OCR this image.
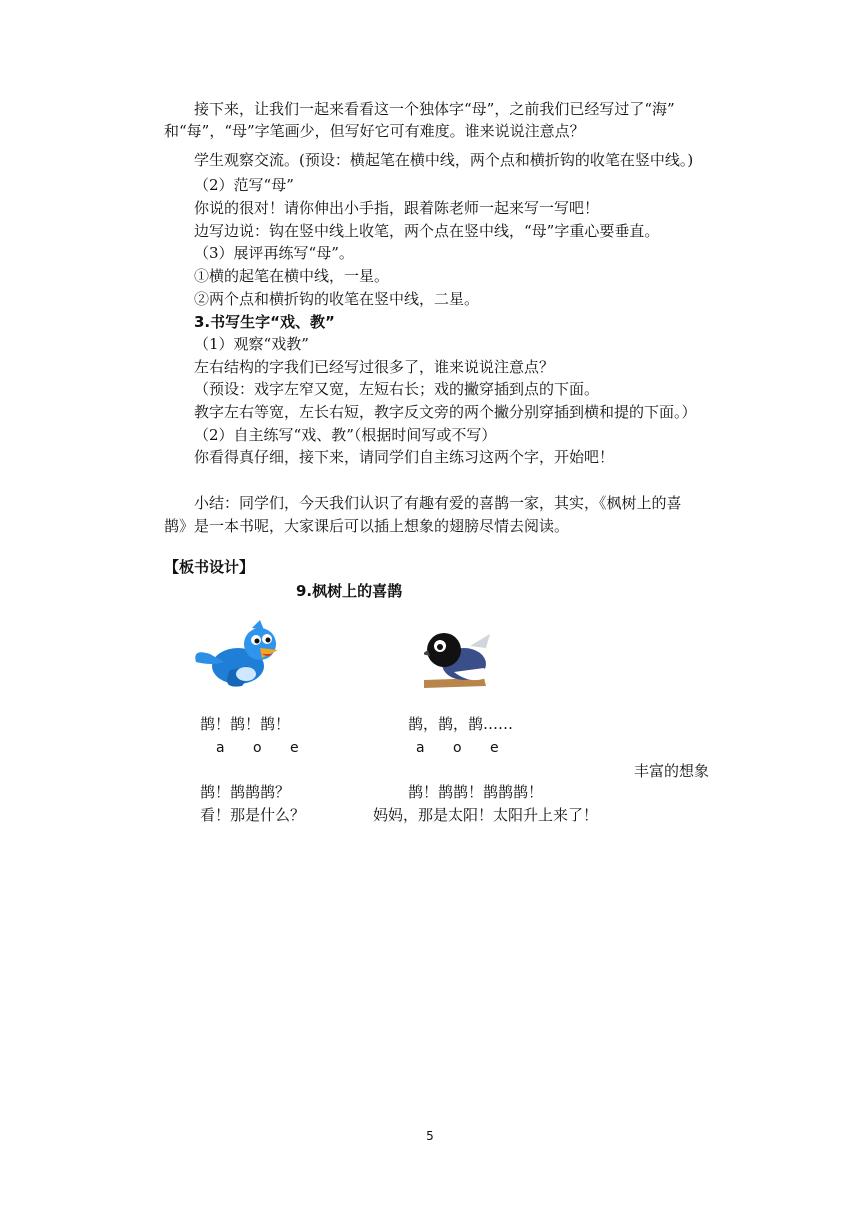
接下来，让我们一起来看看这一个独体字“母”，之前我们已经写过了“海”
和“每”，“母”字笔画少，但写好它可有难度。谁来说说注意点？
学生观察交流。(预设：横起笔在横中线，两个点和横折钩的收笔在竖中线。)
（2）范写“母”
你说的很对！请你伸出小手指，跟着陈老师一起来写一写吧！
边写边说：钩在竖中线上收笔，两个点在竖中线，“母”字重心要垂直。
（3）展评再练写“母”。
①横的起笔在横中线，一星。
②两个点和横折钩的收笔在竖中线，二星。
3.书写生字“戏、教”
（1）观察“戏教”
左右结构的字我们已经写过很多了，谁来说说注意点？
（预设：戏字左窄又宽，左短右长；戏的撇穿插到点的下面。
教字左右等宽，左长右短，教字反文旁的两个撇分别穿插到横和提的下面。）
（2）自主练写“戏、教”（根据时间写或不写）
你看得真仔细，接下来，请同学们自主练习这两个字，开始吧！
小结：同学们，今天我们认识了有趣有爱的喜鹊一家，其实，《枫树上的喜
鹊》是一本书呢，大家课后可以插上想象的翅膀尽情去阅读。
【板书设计】
9.枫树上的喜鹊
鹊！鹊！鹊！
a o e
鹊！鹊鹊鹊？
看！那是什么？
鹊，鹊，鹊……
a o e
鹊！鹊鹊！鹊鹊鹊！
妈妈，那是太阳！太阳升上来了！
丰富的想象
5
